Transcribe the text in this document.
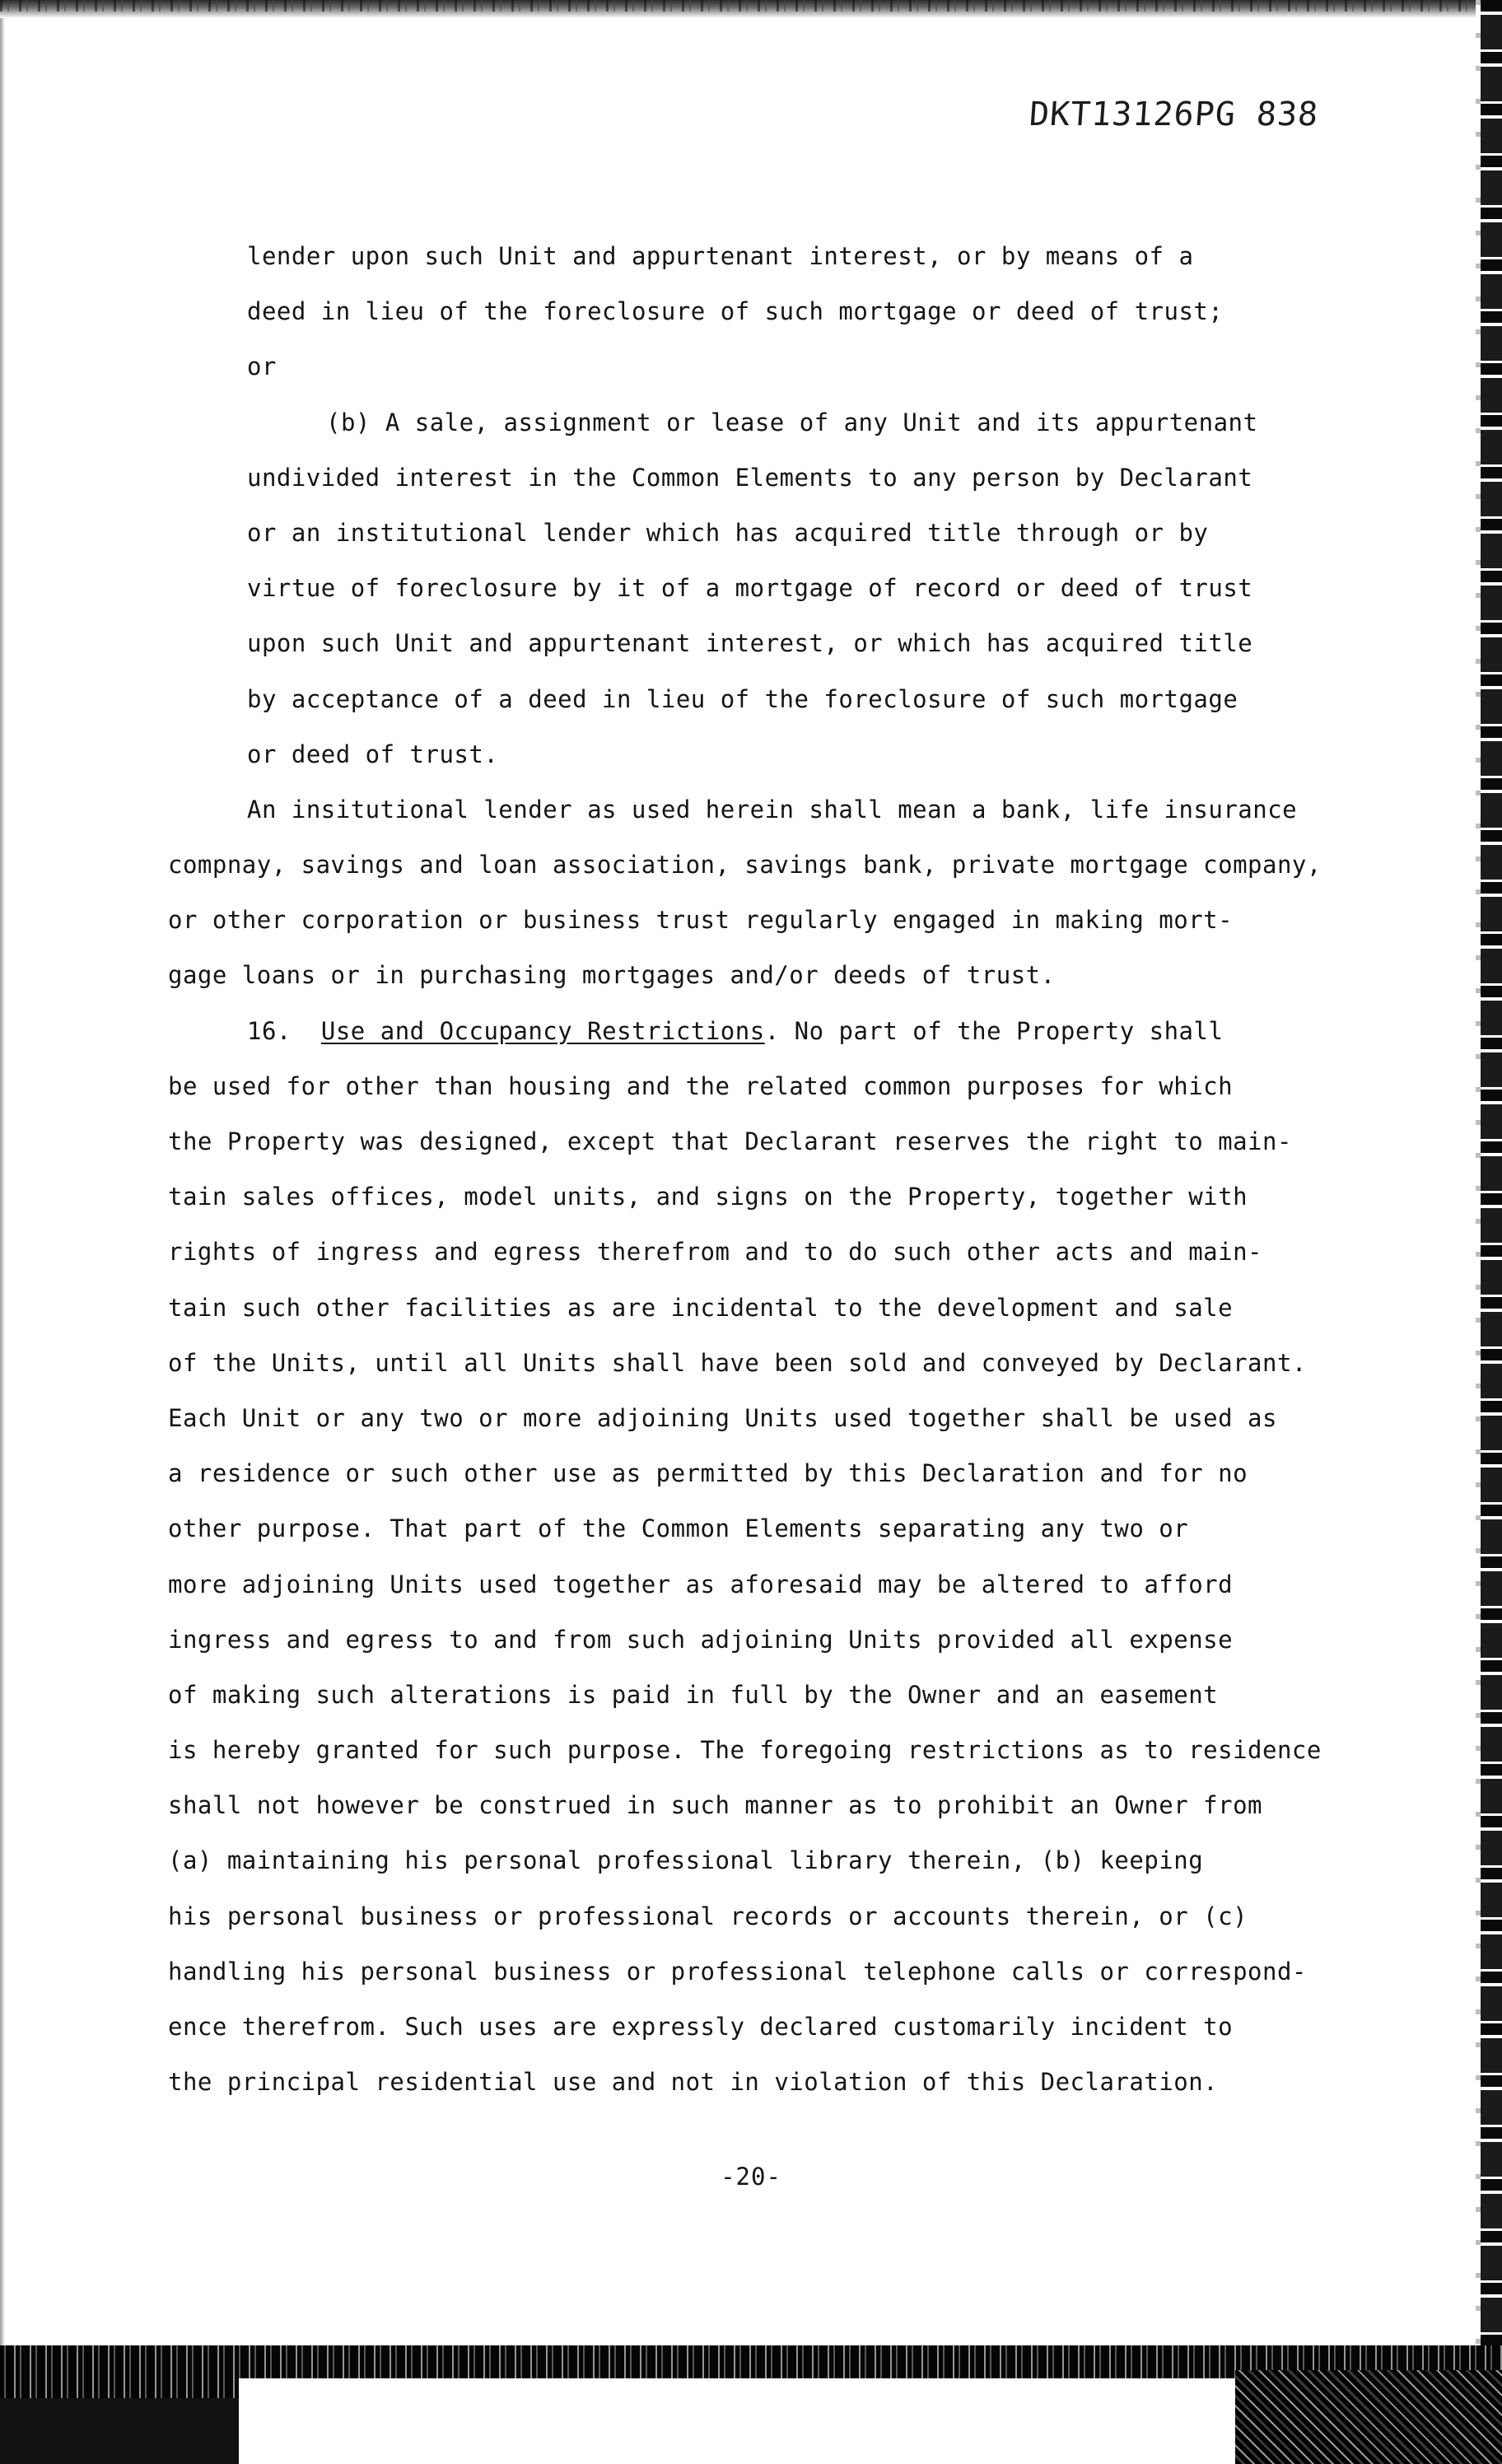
DKT13126PG 838
lender upon such Unit and appurtenant interest, or by means of a
deed in lieu of the foreclosure of such mortgage or deed of trust;
or
(b) A sale, assignment or lease of any Unit and its appurtenant
undivided interest in the Common Elements to any person by Declarant
or an institutional lender which has acquired title through or by
virtue of foreclosure by it of a mortgage of record or deed of trust
upon such Unit and appurtenant interest, or which has acquired title
by acceptance of a deed in lieu of the foreclosure of such mortgage
or deed of trust.
An insitutional lender as used herein shall mean a bank, life insurance
compnay, savings and loan association, savings bank, private mortgage company,
or other corporation or business trust regularly engaged in making mort-
gage loans or in purchasing mortgages and/or deeds of trust.
16. Use and Occupancy Restrictions. No part of the Property shall
be used for other than housing and the related common purposes for which
the Property was designed, except that Declarant reserves the right to main-
tain sales offices, model units, and signs on the Property, together with
rights of ingress and egress therefrom and to do such other acts and main-
tain such other facilities as are incidental to the development and sale
of the Units, until all Units shall have been sold and conveyed by Declarant.
Each Unit or any two or more adjoining Units used together shall be used as
a residence or such other use as permitted by this Declaration and for no
other purpose. That part of the Common Elements separating any two or
more adjoining Units used together as aforesaid may be altered to afford
ingress and egress to and from such adjoining Units provided all expense
of making such alterations is paid in full by the Owner and an easement
is hereby granted for such purpose. The foregoing restrictions as to residence
shall not however be construed in such manner as to prohibit an Owner from
(a) maintaining his personal professional library therein, (b) keeping
his personal business or professional records or accounts therein, or (c)
handling his personal business or professional telephone calls or correspond-
ence therefrom. Such uses are expressly declared customarily incident to
the principal residential use and not in violation of this Declaration.
-20-
